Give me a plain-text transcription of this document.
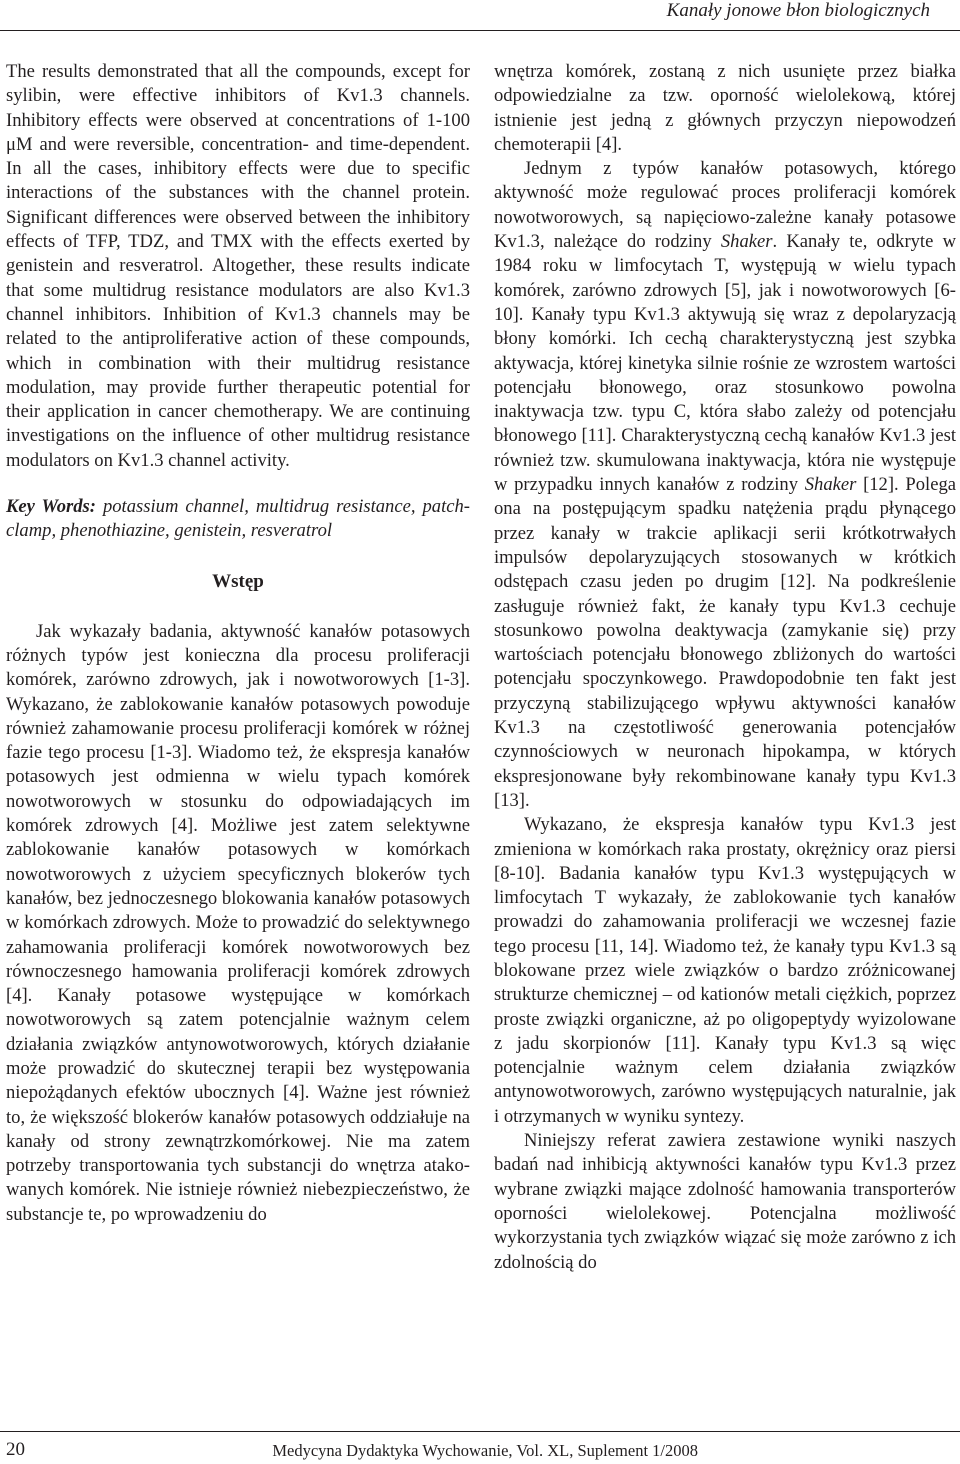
Kanały jonowe błon biologicznych

The results demonstrated that all the compounds, except for sylibin, were effective inhibitors of Kv1.3 channels. Inhibitory effects were observed at concentrations of 1-100 μM and were reversible, concentration- and time-dependent. In all the cases, inhibitory effects were due to specific interactions of the substances with the channel protein. Significant differences were observed between the inhibitory effects of TFP, TDZ, and TMX with the effects exerted by genistein and resveratrol. Altogether, these results indicate that some multidrug resistance modulators are also Kv1.3 channel inhibitors. Inhibition of Kv1.3 channels may be related to the antiproliferative action of these compounds, which in combination with their multidrug resistance modulation, may provide further therapeutic potential for their application in cancer chemotherapy. We are continuing investigations on the influence of other multidrug resistance modulators on Kv1.3 channel activity.

Key Words: potassium channel, multidrug resistance, patch-clamp, phenothiazine, genistein, resveratrol

Wstęp

Jak wykazały badania, aktywność kanałów potasowych różnych typów jest konieczna dla procesu proliferacji komórek, zarówno zdrowych, jak i nowotworowych [1-3]. Wykazano, że zablokowanie kanałów potasowych powoduje również zahamowanie procesu proliferacji komórek w różnej fazie tego procesu [1-3]. Wiadomo też, że ekspresja kanałów potasowych jest odmienna w wielu typach komórek nowotworowych w stosunku do odpowiadających im komórek zdrowych [4]. Możliwe jest zatem selektywne zablokowanie kanałów potasowych w komórkach nowotworowych z użyciem specyficznych blokerów tych kanałów, bez jednoczesnego blokowania kanałów potasowych w komórkach zdrowych. Może to prowadzić do selektywnego zahamowania proliferacji komórek nowotworowych bez równoczesnego hamowania proliferacji komórek zdrowych [4]. Kanały potasowe występujące w komórkach nowotworowych są zatem potencjalnie ważnym celem działania związków antynowotworowych, których działanie może prowadzić do skutecznej terapii bez występowania niepożądanych efektów ubocznych [4]. Ważne jest również to, że większość blokerów kanałów potasowych oddziałuje na kanały od strony zewnątrzkomórkowej. Nie ma zatem potrzeby transportowania tych substancji do wnętrza atakowanych komórek. Nie istnieje również niebezpieczeństwo, że substancje te, po wprowadzeniu do

wnętrza komórek, zostaną z nich usunięte przez białka odpowiedzialne za tzw. oporność wielolekową, której istnienie jest jedną z głównych przyczyn niepowodzeń chemoterapii [4].

Jednym z typów kanałów potasowych, którego aktywność może regulować proces proliferacji komórek nowotworowych, są napięciowo-zależne kanały potasowe Kv1.3, należące do rodziny Shaker. Kanały te, odkryte w 1984 roku w limfocytach T, występują w wielu typach komórek, zarówno zdrowych [5], jak i nowotworowych [6-10]. Kanały typu Kv1.3 aktywują się wraz z depolaryzacją błony komórki. Ich cechą charakterystyczną jest szybka aktywacja, której kinetyka silnie rośnie ze wzrostem wartości potencjału błonowego, oraz stosunkowo powolna inaktywacja tzw. typu C, która słabo zależy od potencjału błonowego [11]. Charakterystyczną cechą kanałów Kv1.3 jest również tzw. skumulowana inaktywacja, która nie występuje w przypadku innych kanałów z rodziny Shaker [12]. Polega ona na postępującym spadku natężenia prądu płynącego przez kanały w trakcie aplikacji serii krótkotrwałych impulsów depolaryzujących stosowanych w krótkich odstępach czasu jeden po drugim [12]. Na podkreślenie zasługuje również fakt, że kanały typu Kv1.3 cechuje stosunkowo powolna deaktywacja (zamykanie się) przy wartościach potencjału błonowego zbliżonych do wartości potencjału spoczynkowego. Prawdopodobnie ten fakt jest przyczyną stabilizującego wpływu aktywności kanałów Kv1.3 na częstotliwość generowania potencjałów czynnościowych w neuronach hipokampa, w których ekspresjonowane były rekombinowane kanały typu Kv1.3 [13].

Wykazano, że ekspresja kanałów typu Kv1.3 jest zmieniona w komórkach raka prostaty, okrężnicy oraz piersi [8-10]. Badania kanałów typu Kv1.3 występujących w limfocytach T wykazały, że zablokowanie tych kanałów prowadzi do zahamowania proliferacji we wczesnej fazie tego procesu [11, 14]. Wiadomo też, że kanały typu Kv1.3 są blokowane przez wiele związków o bardzo zróżnicowanej strukturze chemicznej – od kationów metali ciężkich, poprzez proste związki organiczne, aż po oligopeptydy wyizolowane z jadu skorpionów [11]. Kanały typu Kv1.3 są więc potencjalnie ważnym celem działania związków antynowotworowych, zarówno występujących naturalnie, jak i otrzymanych w wyniku syntezy.

Niniejszy referat zawiera zestawione wyniki naszych badań nad inhibicją aktywności kanałów typu Kv1.3 przez wybrane związki mające zdolność hamowania transporterów oporności wielolekowej. Potencjalna możliwość wykorzystania tych związków wiązać się może zarówno z ich zdolnością do

20	Medycyna Dydaktyka Wychowanie, Vol. XL, Suplement 1/2008
